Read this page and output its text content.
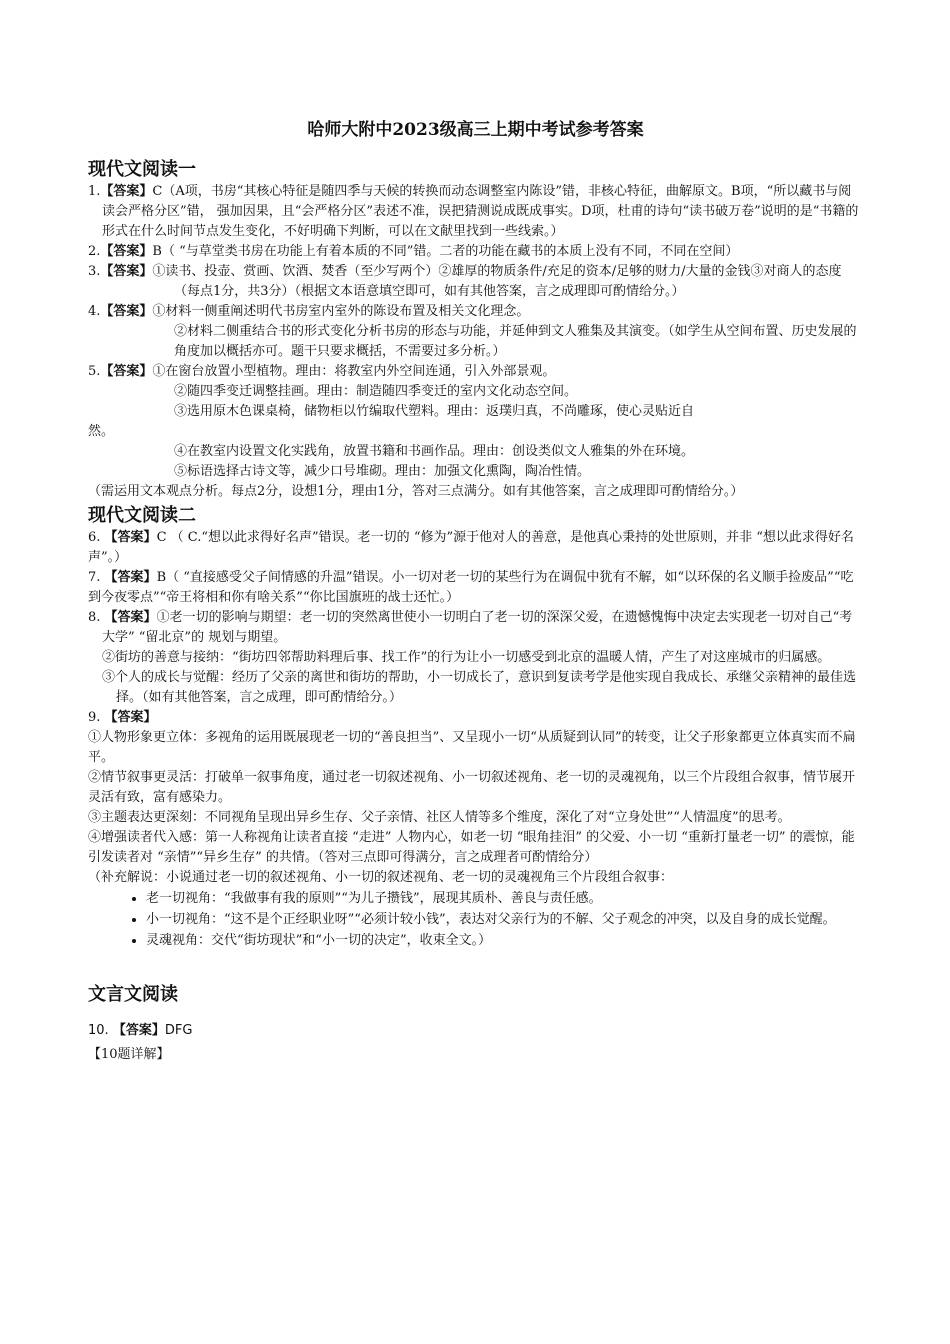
哈师大附中2023级高三上期中考试参考答案
现代文阅读一

1.【答案】C（A项，书房“其核心特征是随四季与天候的转换而动态调整室内陈设”错，非核心特征，曲解原文。B项，“所以藏书与阅读会严格分区”错， 强加因果，且“会严格分区”表述不准，误把猜测说成既成事实。D项，杜甫的诗句“读书破万卷”说明的是“书籍的形式在什么时间节点发生变化，不好明确下判断，可以在文献里找到一些线索。）

2.【答案】B（ “与草堂类书房在功能上有着本质的不同”错。二者的功能在藏书的本质上没有不同，不同在空间）

3.【答案】①读书、投壶、赏画、饮酒、焚香（至少写两个）②雄厚的物质条件/充足的资本/足够的财力/大量的金钱③对商人的态度（每点1分，共3分）（根据文本语意填空即可，如有其他答案，言之成理即可酌情给分。）

4.【答案】①材料一侧重阐述明代书房室内室外的陈设布置及相关文化理念。

②材料二侧重结合书的形式变化分析书房的形态与功能，并延伸到文人雅集及其演变。（如学生从空间布置、历史发展的角度加以概括亦可。题干只要求概括，不需要过多分析。）

5.【答案】①在窗台放置小型植物。理由：将教室内外空间连通，引入外部景观。

②随四季变迁调整挂画。理由：制造随四季变迁的室内文化动态空间。

③选用原木色课桌椅，储物柜以竹编取代塑料。理由：返璞归真，不尚雕琢，使心灵贴近自

然。

④在教室内设置文化实践角，放置书籍和书画作品。理由：创设类似文人雅集的外在环境。

⑤标语选择古诗文等，减少口号堆砌。理由：加强文化熏陶，陶冶性情。

（需运用文本观点分析。每点2分，设想1分，理由1分，答对三点满分。如有其他答案，言之成理即可酌情给分。）

现代文阅读二

6. 【答案】C （ C.“想以此求得好名声”错误。老一切的 “修为”源于他对人的善意，是他真心秉持的处世原则，并非 “想以此求得好名声”。）

7. 【答案】B（ “直接感受父子间情感的升温”错误。小一切对老一切的某些行为在调侃中犹有不解，如“以环保的名义顺手捡废品”“吃到今夜零点”“帝王将相和你有啥关系”“你比国旗班的战士还忙。）

8. 【答案】①老一切的影响与期望：老一切的突然离世使小一切明白了老一切的深深父爱，在遗憾愧悔中决定去实现老一切对自己“考大学” “留北京”的 规划与期望。

②街坊的善意与接纳：“街坊四邻帮助料理后事、找工作”的行为让小一切感受到北京的温暖人情，产生了对这座城市的归属感。

③个人的成长与觉醒：经历了父亲的离世和街坊的帮助，小一切成长了，意识到复读考学是他实现自我成长、承继父亲精神的最佳选择。（如有其他答案，言之成理，即可酌情给分。）

9. 【答案】

①人物形象更立体：多视角的运用既展现老一切的“善良担当”、又呈现小一切“从质疑到认同”的转变，让父子形象都更立体真实而不扁平。

②情节叙事更灵活：打破单一叙事角度，通过老一切叙述视角、小一切叙述视角、老一切的灵魂视角，以三个片段组合叙事，情节展开灵活有致，富有感染力。

③主题表达更深刻：不同视角呈现出异乡生存、父子亲情、社区人情等多个维度，深化了对“立身处世”“人情温度”的思考。

④增强读者代入感：第一人称视角让读者直接 “走进” 人物内心，如老一切 “眼角挂泪” 的父爱、小一切 “重新打量老一切” 的震惊，能引发读者对 “亲情”“异乡生存” 的共情。（答对三点即可得满分，言之成理者可酌情给分）

（补充解说：小说通过老一切的叙述视角、小一切的叙述视角、老一切的灵魂视角三个片段组合叙事：

• 老一切视角：“我做事有我的原则”“为儿子攒钱”，展现其质朴、善良与责任感。
• 小一切视角：“这不是个正经职业呀”“必须计较小钱”，表达对父亲行为的不解、父子观念的冲突，以及自身的成长觉醒。
• 灵魂视角：交代“街坊现状”和“小一切的决定”，收束全文。）
文言文阅读

10. 【答案】DFG

【10题详解】
